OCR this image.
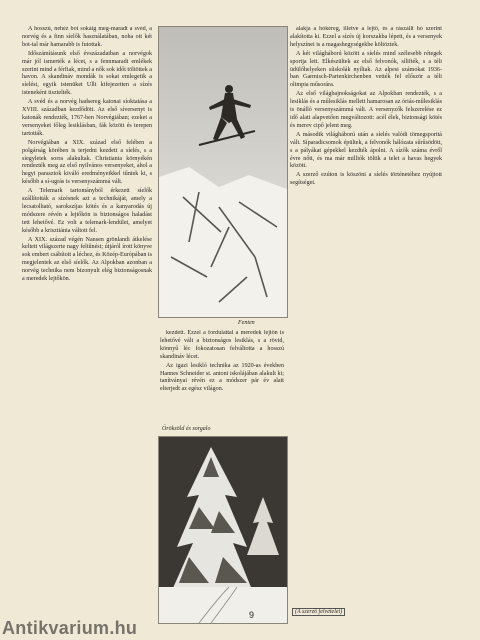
A hosszú, nehéz bot sokáig meg-maradt a svéd, a norvég és a finn síelők használatában, noha ott két bot-tal már hamarabb is futottak.

Időszámításunk első évszázadaiban a norvégok már jól ismerték a lécet, s a fennmaradt emlékek szerint mind a férfiak, mind a nők sok időt töltöttek a havon. A skandináv mondák is sokat emlegetik a síelést, egyik istenüket Ullt kifejezetten a sízés isteneként tisztelték.

A svéd és a norvég hadsereg katonai síoktatása a XVIII. században kezdődött. Az első síversenyt is katonák rendezték, 1767-ben Norvégiában; ezeket a versenyeket főleg lesiklásban, fák között és terepen tartották.

Norvégiában a XIX. század első felében a polgárság körében is terjedni kezdett a síelés, s a síegyletek sorra alakultak. Christiania környékén rendezték meg az első nyilvános versenyeket, ahol a hegyi parasztok kiváló eredményeikkel tűntek ki, s később a sí-ugrás is versenyszámmá vált.

A Telemark tartományból érkezett síelők szállították a sízésnek azt a technikáját, amely a lecsatolható, sarokszíjas kötés és a kanyarodás új módszere révén a lejtőkön is biztonságos haladást tett lehetővé. Ez volt a telemark-lendület, amelyet később a krisztiánia váltott fel.

A XIX. század végén Nansen grönlandi átkelése keltett világszerte nagy feltűnést; útjáról írott könyve sok embert csábított a léchez, és Közép-Európában is megjelentek az első síelők. Az Alpokban azonban a norvég technika nem bizonyult elég biztonságosnak a meredek lejtőkön.

Fenten

kezdett. Ezzel a fordulattal a meredek lejtőn is lehetővé vált a biztonságos lesiklás, s a rövid, könnyű léc fokozatosan felváltotta a hosszú skandináv lécet.

Az igazi lesikló technika az 1920-as években Hannes Schneider st. antoni iskolájában alakult ki; tanítványai révén ez a módszer pár év alatt elterjedt az egész világon.

Örökzöld és sorgalo

alakja a hókéreg, illetve a lejtő, és a rászállt hó szerint alakította ki. Ezzel a sízés új korszakba lépett, és a versenyek helyszínei is a magashegységekbe költöztek.

A két világháború között a síelés mind szélesebb rétegek sportja lett. Elkészültek az első felvonók, sílifték, s a téli üdülőhelyeken síiskolák nyíltak. Az alpesi számokat 1936-ban Garmisch-Partenkirchenben vették fel először a téli olimpia műsorára.

Az első világbajnokságokat az Alpokban rendezték, s a lesiklás és a műlesiklás mellett hamarosan az óriás-műlesiklás is önálló versenyszámmá vált. A versenyzők felszerelése ez idő alatt alapvetően megváltozott: acél élek, biztonsági kötés és merev cipő jelent meg.

A második világháború után a síelés valódi tömegsporttá vált. Síparadicsomok épültek, a felvonók hálózata sűrűsödött, s a pályákat gépekkel kezdték ápolni. A sízők száma évről évre nőtt, és ma már milliók töltik a telet a havas hegyek között.

A szerző ezúton is köszöni a síelés történetéhez nyújtott segítséget.

(A szerző felvételei)
9
Antikvarium.hu
